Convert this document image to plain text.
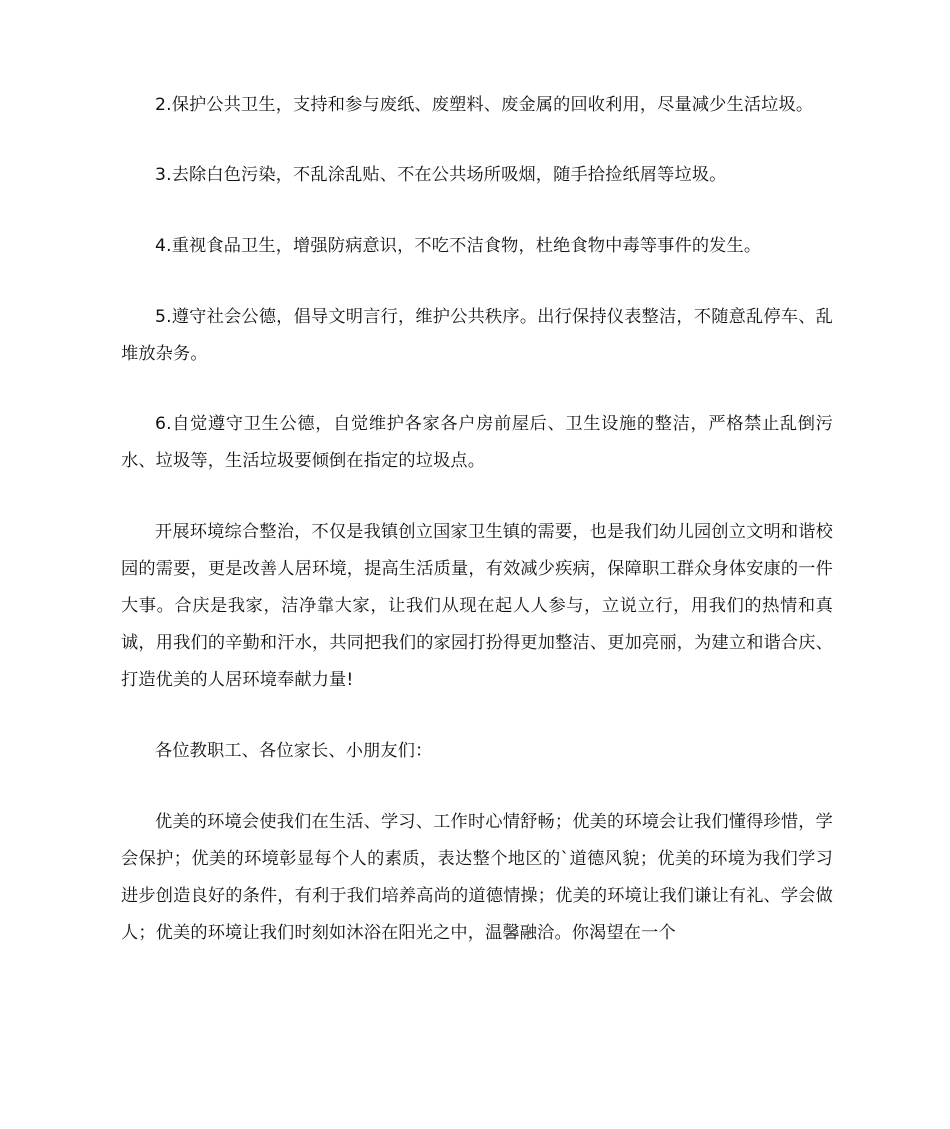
2.保护公共卫生，支持和参与废纸、废塑料、废金属的回收利用，尽量减少生活垃圾。

3.去除白色污染，不乱涂乱贴、不在公共场所吸烟，随手拾捡纸屑等垃圾。

4.重视食品卫生，增强防病意识，不吃不洁食物，杜绝食物中毒等事件的发生。

5.遵守社会公德，倡导文明言行，维护公共秩序。出行保持仪表整洁，不随意乱停车、乱堆放杂务。

6.自觉遵守卫生公德，自觉维护各家各户房前屋后、卫生设施的整洁，严格禁止乱倒污水、垃圾等，生活垃圾要倾倒在指定的垃圾点。

开展环境综合整治，不仅是我镇创立国家卫生镇的需要，也是我们幼儿园创立文明和谐校园的需要，更是改善人居环境，提高生活质量，有效减少疾病，保障职工群众身体安康的一件大事。合庆是我家，洁净靠大家，让我们从现在起人人参与，立说立行，用我们的热情和真诚，用我们的辛勤和汗水，共同把我们的家园打扮得更加整洁、更加亮丽，为建立和谐合庆、打造优美的人居环境奉献力量!

各位教职工、各位家长、小朋友们：

优美的环境会使我们在生活、学习、工作时心情舒畅；优美的环境会让我们懂得珍惜，学会保护；优美的环境彰显每个人的素质，表达整个地区的`道德风貌；优美的环境为我们学习进步创造良好的条件，有利于我们培养高尚的道德情操；优美的环境让我们谦让有礼、学会做人；优美的环境让我们时刻如沐浴在阳光之中，温馨融洽。你渴望在一个
